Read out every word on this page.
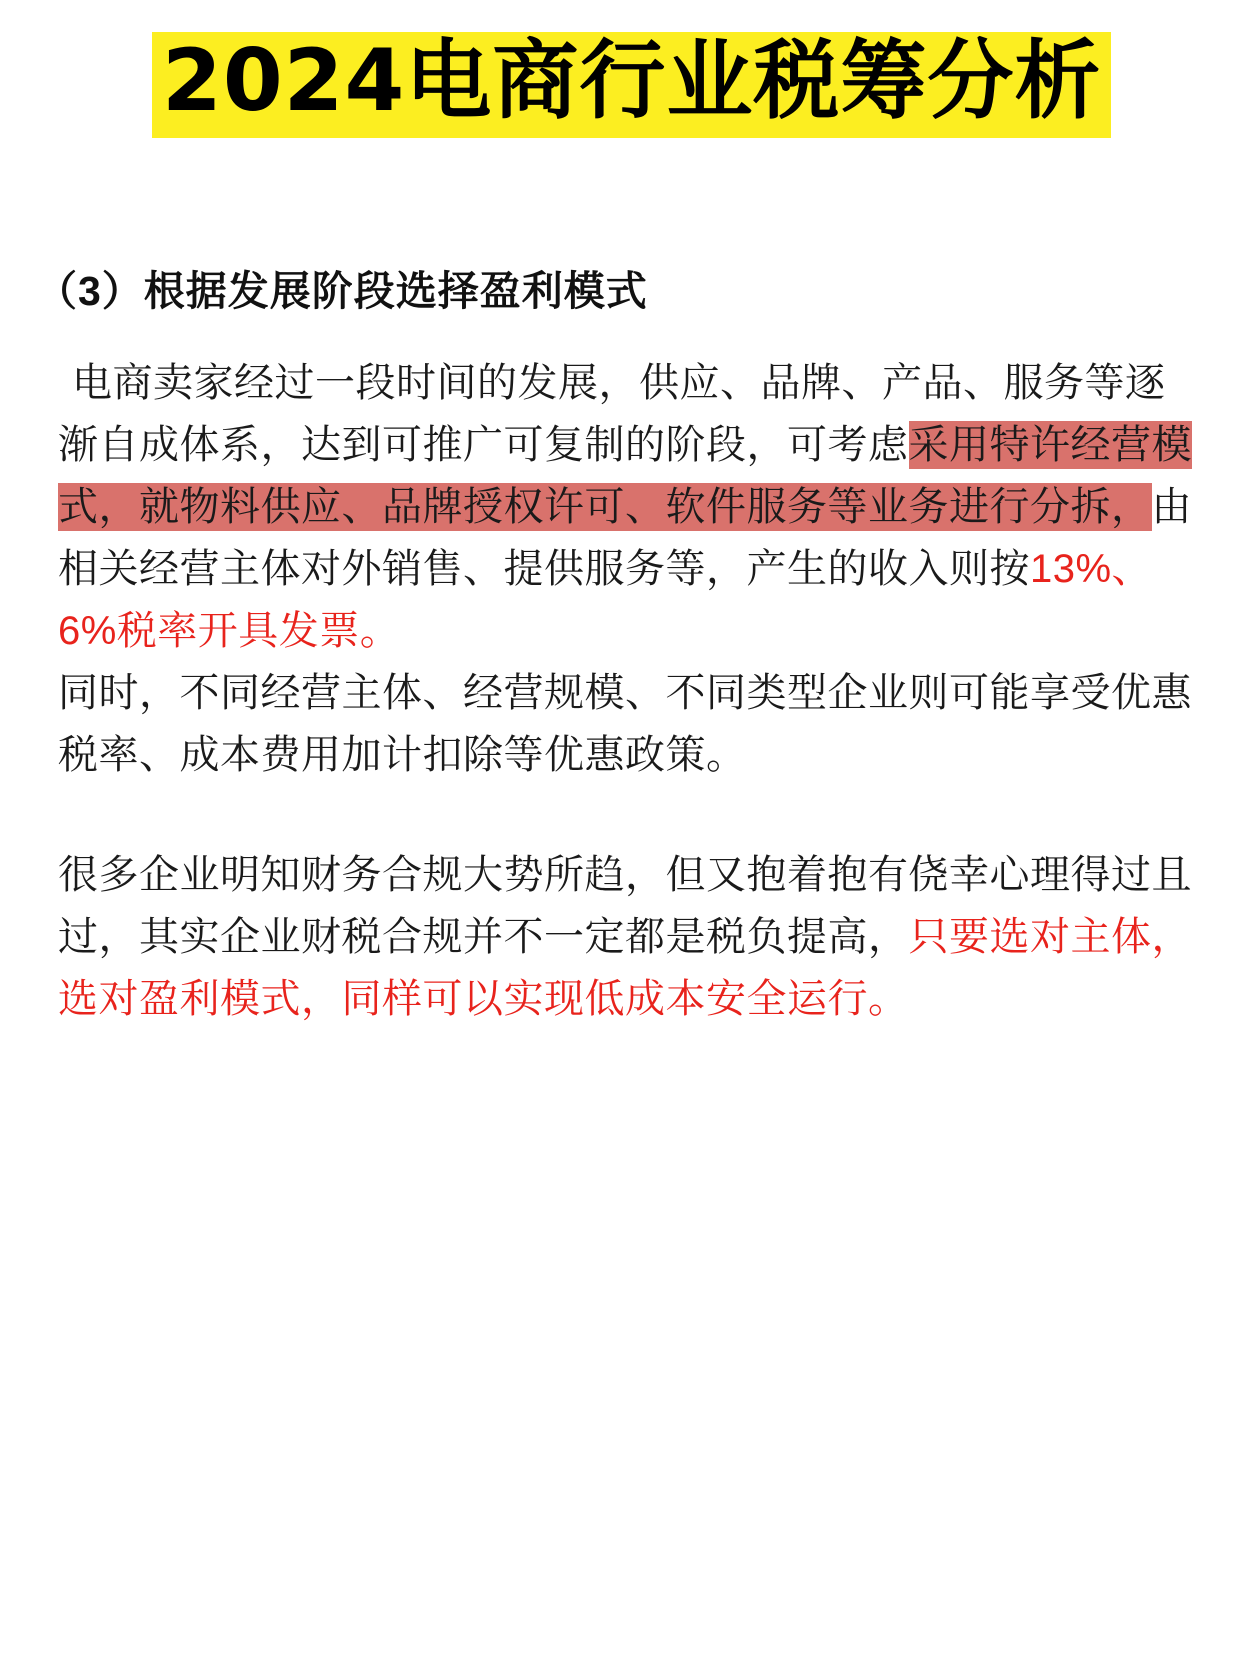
2024电商行业税筹分析
（3）根据发展阶段选择盈利模式

电商卖家经过一段时间的发展，供应、品牌、产品、服务等逐渐自成体系，达到可推广可复制的阶段，可考虑采用特许经营模式，就物料供应、品牌授权许可、软件服务等业务进行分拆，由相关经营主体对外销售、提供服务等，产生的收入则按13%、6%税率开具发票。

同时，不同经营主体、经营规模、不同类型企业则可能享受优惠税率、成本费用加计扣除等优惠政策。

很多企业明知财务合规大势所趋，但又抱着抱有侥幸心理得过且过，其实企业财税合规并不一定都是税负提高，只要选对主体，选对盈利模式，同样可以实现低成本安全运行。
